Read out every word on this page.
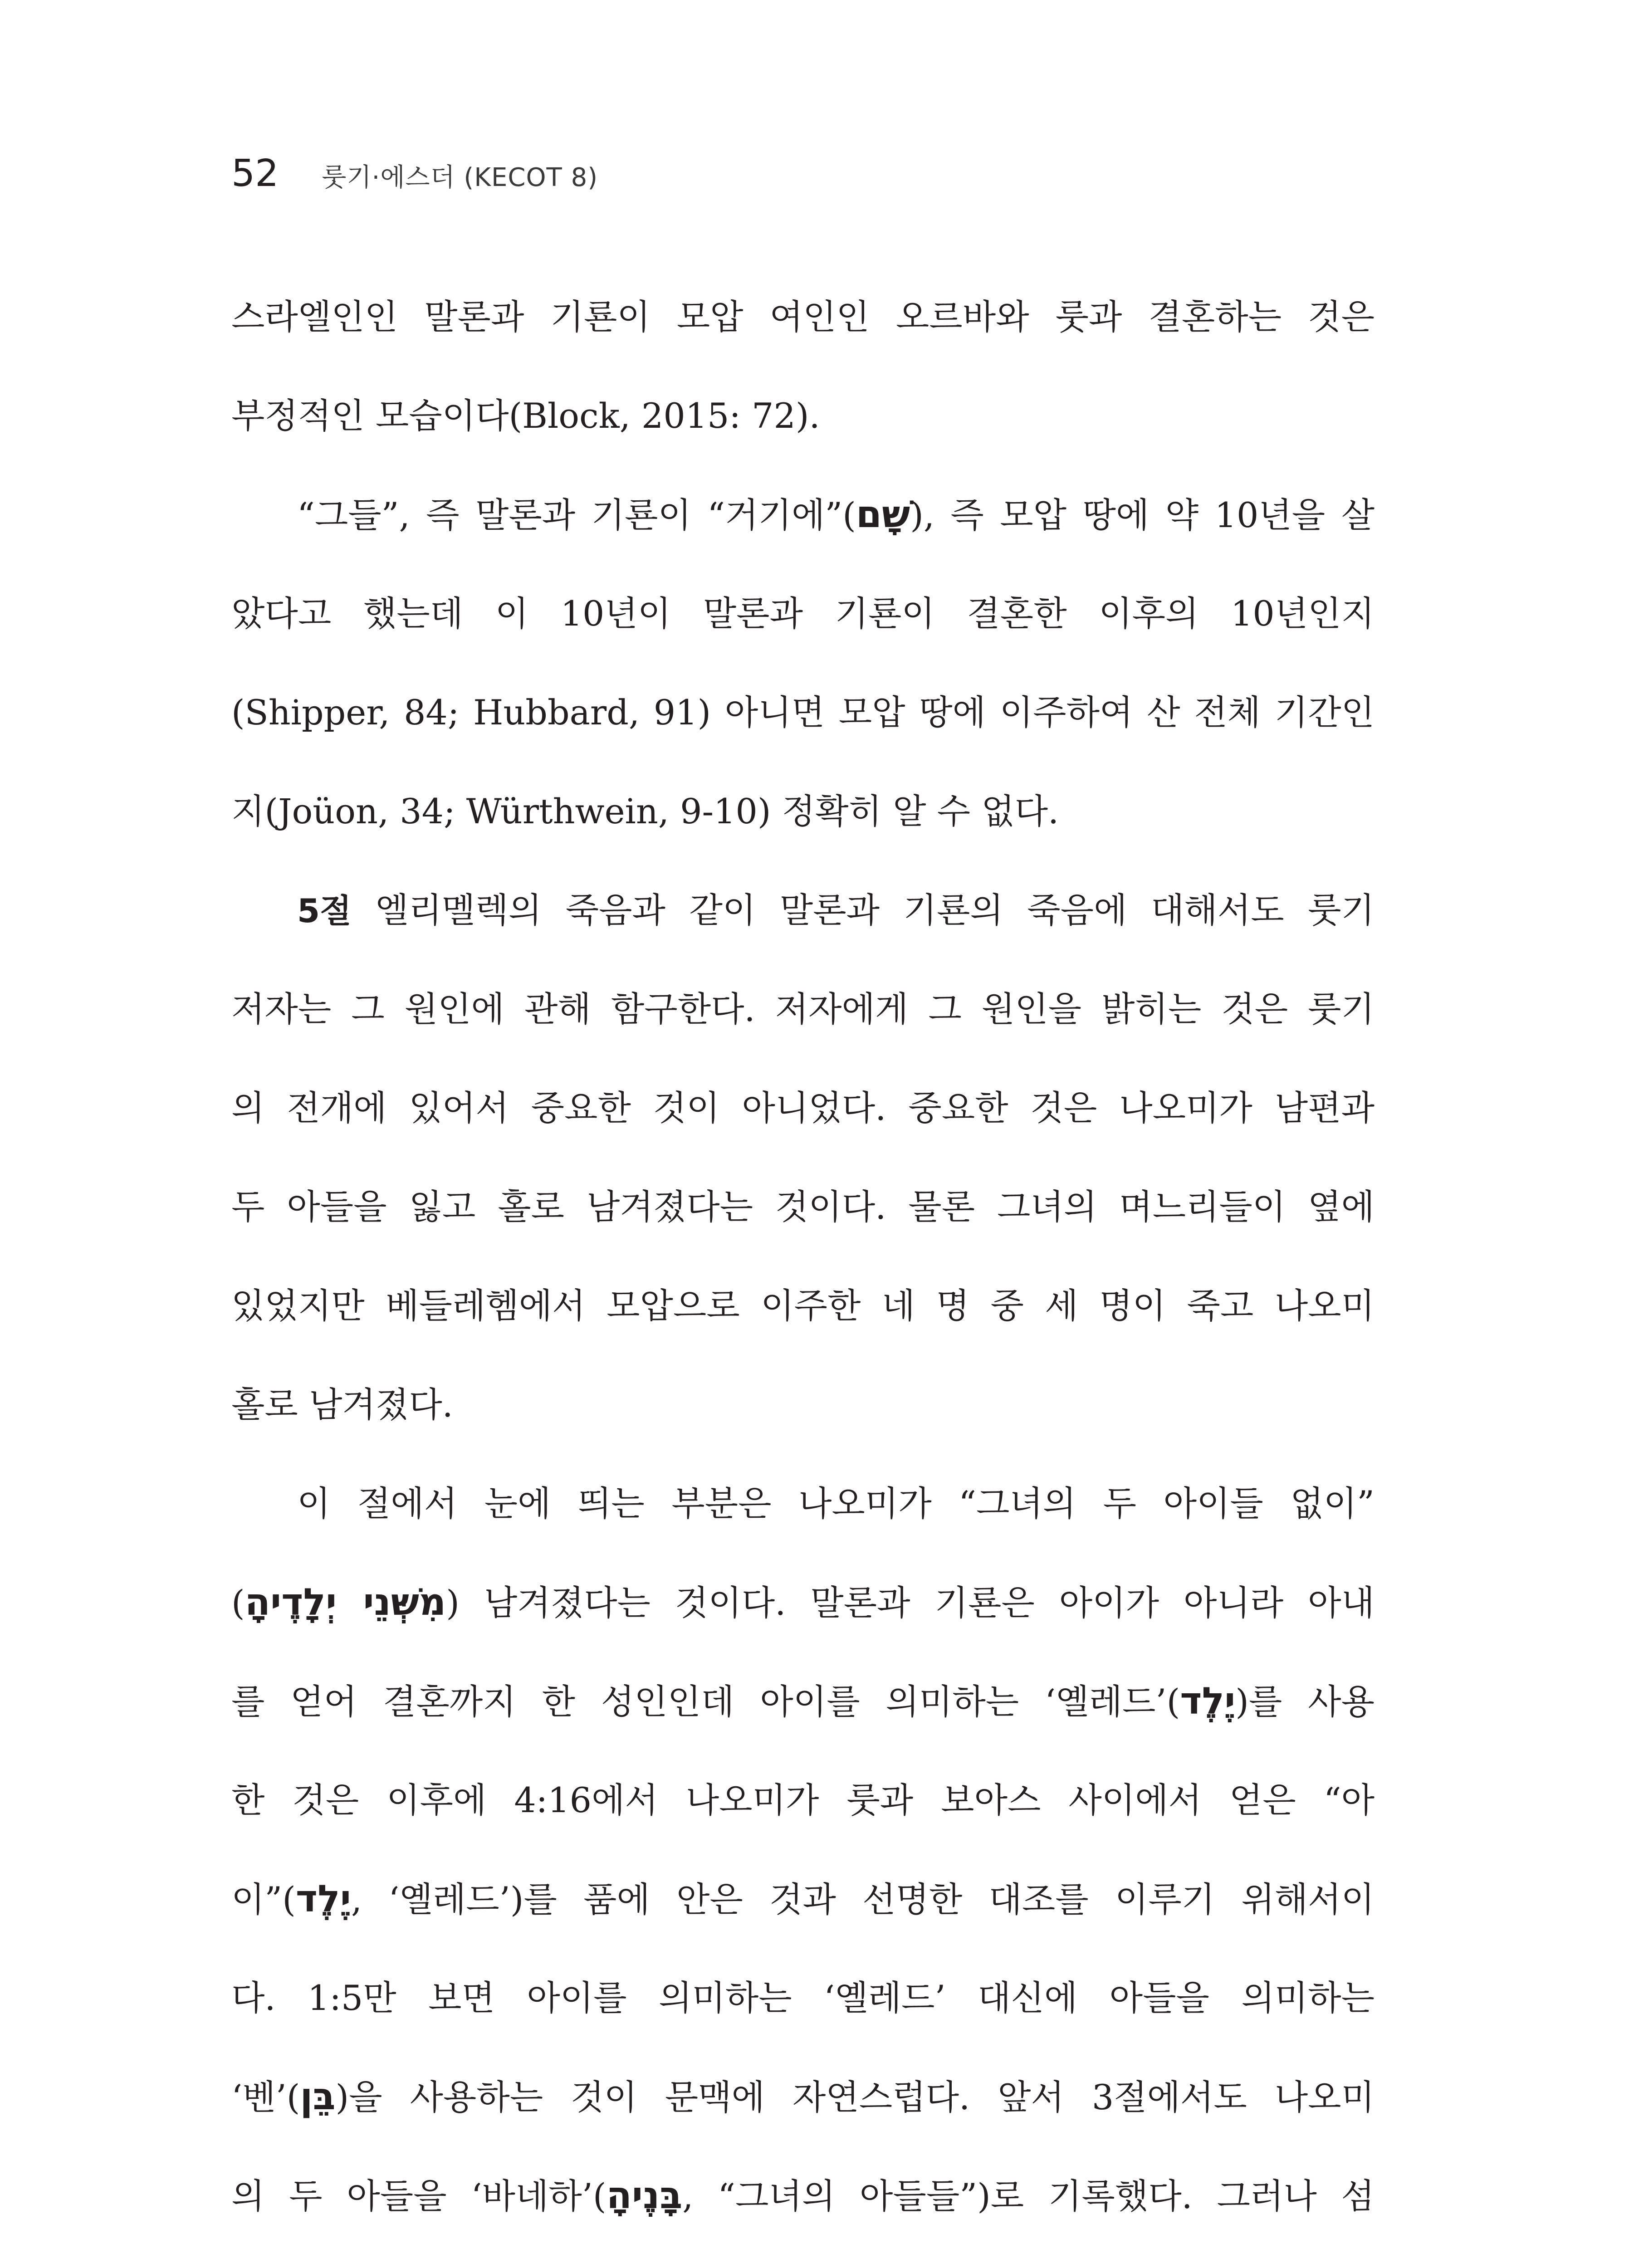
52 룻기·에스더 (KECOT 8)
스라엘인인 말론과 기룐이 모압 여인인 오르바와 룻과 결혼하는 것은
부정적인 모습이다(Block, 2015: 72).
“그들”, 즉 말론과 기룐이 “거기에”(שָׁם), 즉 모압 땅에 약 10년을 살
았다고 했는데 이 10년이 말론과 기룐이 결혼한 이후의 10년인지
(Shipper, 84; Hubbard, 91) 아니면 모압 땅에 이주하여 산 전체 기간인
지(Joüon, 34; Würthwein, 9-10) 정확히 알 수 없다.
5절 엘리멜렉의 죽음과 같이 말론과 기룐의 죽음에 대해서도 룻기
저자는 그 원인에 관해 함구한다. 저자에게 그 원인을 밝히는 것은 룻기
의 전개에 있어서 중요한 것이 아니었다. 중요한 것은 나오미가 남편과
두 아들을 잃고 홀로 남겨졌다는 것이다. 물론 그녀의 며느리들이 옆에
있었지만 베들레헴에서 모압으로 이주한 네 명 중 세 명이 죽고 나오미
홀로 남겨졌다.
이 절에서 눈에 띄는 부분은 나오미가 “그녀의 두 아이들 없이”
(מִשְּׁנֵי יְלָדֶיהָ) 남겨졌다는 것이다. 말론과 기룐은 아이가 아니라 아내
를 얻어 결혼까지 한 성인인데 아이를 의미하는 ‘옐레드’(יֶלֶד)를 사용
한 것은 이후에 4:16에서 나오미가 룻과 보아스 사이에서 얻은 “아
이”(יֶלֶד, ‘옐레드’)를 품에 안은 것과 선명한 대조를 이루기 위해서이
다. 1:5만 보면 아이를 의미하는 ‘옐레드’ 대신에 아들을 의미하는
‘벤’(בֵּן)을 사용하는 것이 문맥에 자연스럽다. 앞서 3절에서도 나오미
의 두 아들을 ‘바네하’(בָּנֶיהָ, “그녀의 아들들”)로 기록했다. 그러나 섬
